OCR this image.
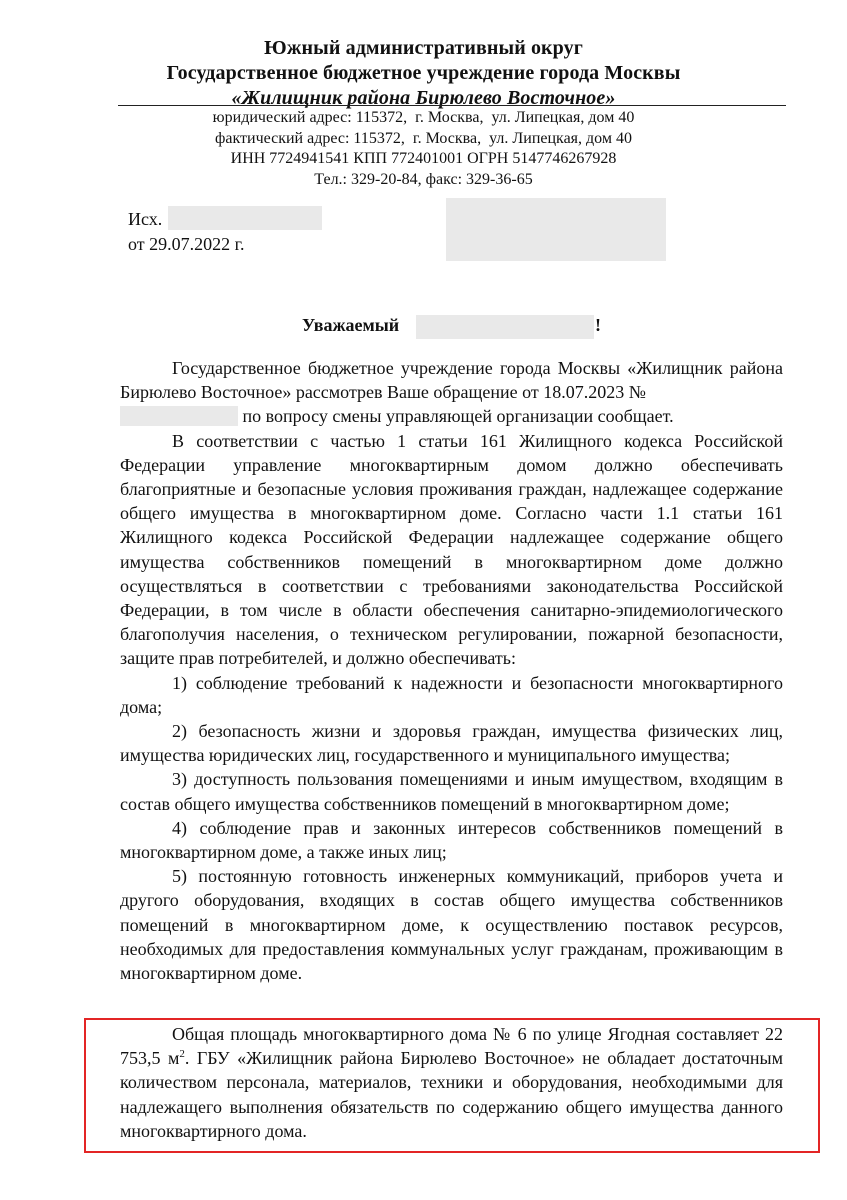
Южный административный округ
Государственное бюджетное учреждение города Москвы
«Жилищник района Бирюлево Восточное»
юридический адрес: 115372,  г. Москва,  ул. Липецкая, дом 40
фактический адрес: 115372,  г. Москва,  ул. Липецкая, дом 40
ИНН 7724941541 КПП 772401001 ОГРН 5147746267928
Тел.: 329-20-84, факс: 329-36-65
Исх.
от 29.07.2022 г.
Уважаемый	!

Государственное бюджетное учреждение города Москвы «Жилищник района Бирюлево Восточное» рассмотрев Ваше обращение от 18.07.2023 №
по вопросу смены управляющей организации сообщает.

В соответствии с частью 1 статьи 161 Жилищного кодекса Российской Федерации управление многоквартирным домом должно обеспечивать благоприятные и безопасные условия проживания граждан, надлежащее содержание общего имущества в многоквартирном доме. Согласно части 1.1 статьи 161 Жилищного кодекса Российской Федерации надлежащее содержание общего имущества собственников помещений в многоквартирном доме должно осуществляться в соответствии с требованиями законодательства Российской Федерации, в том числе в области обеспечения санитарно-эпидемиологического благополучия населения, о техническом регулировании, пожарной безопасности, защите прав потребителей, и должно обеспечивать:

1) соблюдение требований к надежности и безопасности многоквартирного дома;

2) безопасность жизни и здоровья граждан, имущества физических лиц, имущества юридических лиц, государственного и муниципального имущества;

3) доступность пользования помещениями и иным имуществом, входящим в состав общего имущества собственников помещений в многоквартирном доме;

4) соблюдение прав и законных интересов собственников помещений в многоквартирном доме, а также иных лиц;

5) постоянную готовность инженерных коммуникаций, приборов учета и другого оборудования, входящих в состав общего имущества собственников помещений в многоквартирном доме, к осуществлению поставок ресурсов, необходимых для предоставления коммунальных услуг гражданам, проживающим в многоквартирном доме.

Общая площадь многоквартирного дома № 6 по улице Ягодная составляет 22 753,5 $м^2$. ГБУ «Жилищник района Бирюлево Восточное» не обладает достаточным количеством персонала, материалов, техники и оборудования, необходимыми для надлежащего выполнения обязательств по содержанию общего имущества данного многоквартирного дома.
